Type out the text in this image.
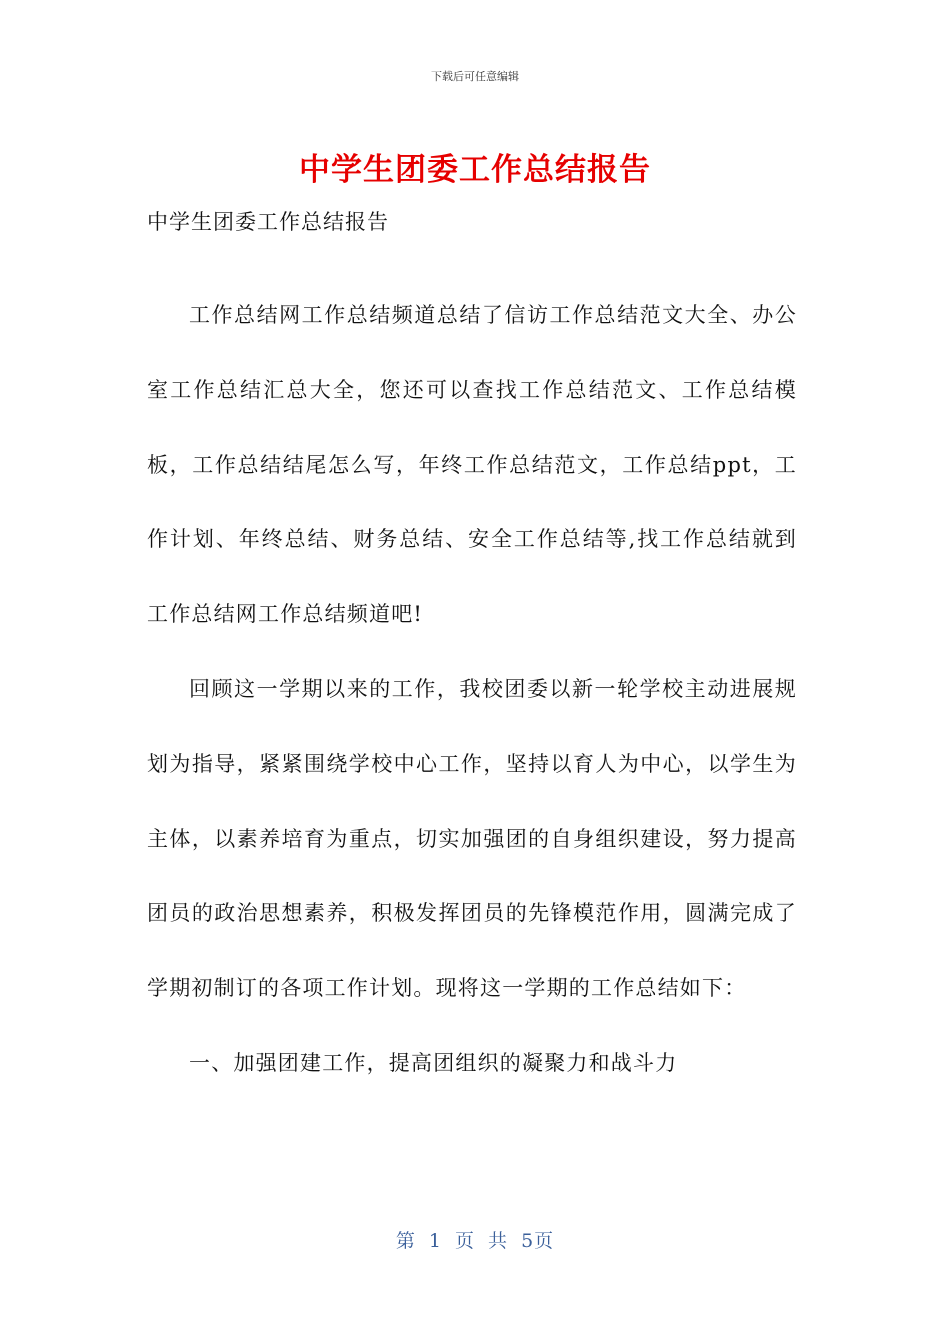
下载后可任意编辑
中学生团委工作总结报告
中学生团委工作总结报告

工作总结网工作总结频道总结了信访工作总结范文大全、办公室工作总结汇总大全，您还可以查找工作总结范文、工作总结模板，工作总结结尾怎么写，年终工作总结范文，工作总结ppt，工作计划、年终总结、财务总结、安全工作总结等,找工作总结就到工作总结网工作总结频道吧!

回顾这一学期以来的工作，我校团委以新一轮学校主动进展规划为指导，紧紧围绕学校中心工作，坚持以育人为中心，以学生为主体，以素养培育为重点，切实加强团的自身组织建设，努力提高团员的政治思想素养，积极发挥团员的先锋模范作用，圆满完成了学期初制订的各项工作计划。现将这一学期的工作总结如下：

一、加强团建工作，提高团组织的凝聚力和战斗力

第 1 页 共 5页
